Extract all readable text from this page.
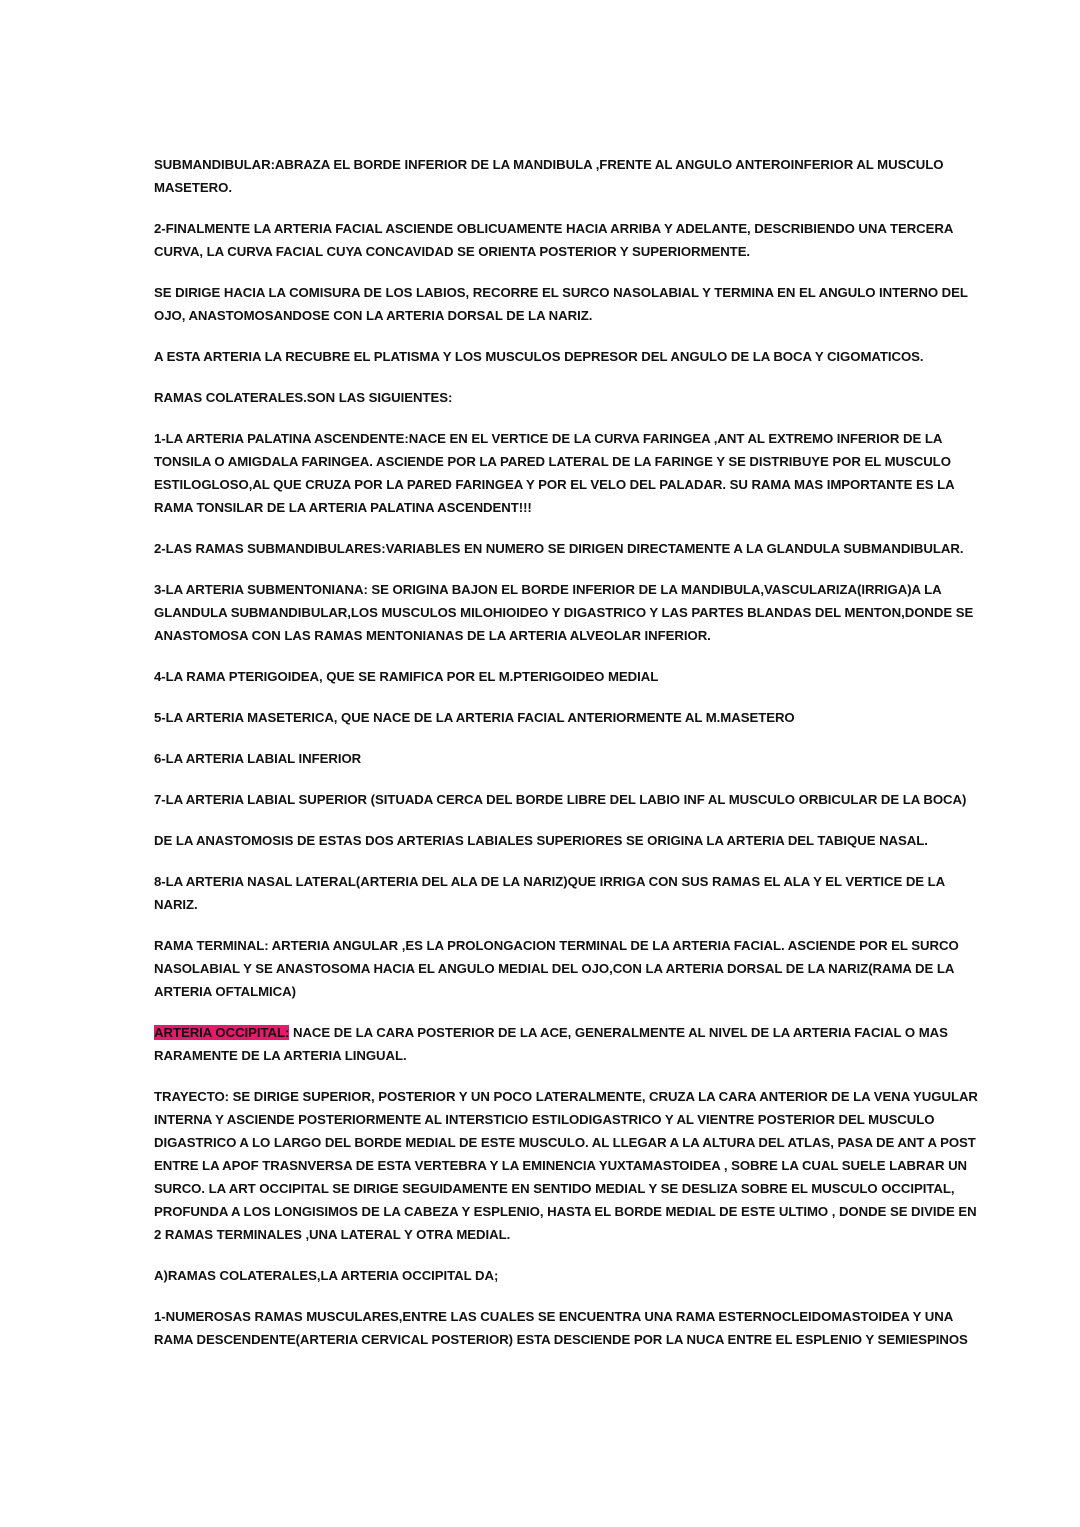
SUBMANDIBULAR:ABRAZA EL BORDE INFERIOR DE LA MANDIBULA ,FRENTE AL ANGULO ANTEROINFERIOR AL MUSCULO MASETERO.

2-FINALMENTE LA ARTERIA FACIAL ASCIENDE OBLICUAMENTE HACIA ARRIBA Y ADELANTE, DESCRIBIENDO UNA TERCERA CURVA, LA CURVA FACIAL CUYA CONCAVIDAD SE ORIENTA POSTERIOR Y SUPERIORMENTE.

SE DIRIGE HACIA LA COMISURA DE LOS LABIOS, RECORRE EL SURCO NASOLABIAL Y TERMINA EN EL ANGULO INTERNO DEL OJO, ANASTOMOSANDOSE CON LA ARTERIA DORSAL DE LA NARIZ.

A ESTA ARTERIA LA RECUBRE EL PLATISMA Y LOS MUSCULOS DEPRESOR DEL ANGULO DE LA BOCA Y CIGOMATICOS.

RAMAS COLATERALES.SON LAS SIGUIENTES:

1-LA ARTERIA PALATINA ASCENDENTE:NACE EN EL VERTICE DE LA CURVA FARINGEA ,ANT AL EXTREMO INFERIOR DE LA TONSILA O AMIGDALA FARINGEA. ASCIENDE POR LA PARED LATERAL DE LA FARINGE Y SE DISTRIBUYE POR EL MUSCULO ESTILOGLOSO,AL QUE CRUZA POR LA PARED FARINGEA Y POR EL VELO DEL PALADAR. SU RAMA MAS IMPORTANTE ES LA RAMA TONSILAR DE LA ARTERIA PALATINA ASCENDENT!!!

2-LAS RAMAS SUBMANDIBULARES:VARIABLES EN NUMERO SE DIRIGEN DIRECTAMENTE A LA GLANDULA SUBMANDIBULAR.

3-LA ARTERIA SUBMENTONIANA: SE ORIGINA BAJON EL BORDE INFERIOR DE LA MANDIBULA,VASCULARIZA(IRRIGA)A LA GLANDULA SUBMANDIBULAR,LOS MUSCULOS MILOHIOIDEO Y DIGASTRICO Y LAS PARTES BLANDAS DEL MENTON,DONDE SE ANASTOMOSA CON LAS RAMAS MENTONIANAS DE LA ARTERIA ALVEOLAR INFERIOR.

4-LA RAMA PTERIGOIDEA, QUE SE RAMIFICA POR EL M.PTERIGOIDEO MEDIAL

5-LA ARTERIA MASETERICA, QUE NACE DE LA ARTERIA FACIAL ANTERIORMENTE AL M.MASETERO

6-LA ARTERIA LABIAL INFERIOR

7-LA ARTERIA LABIAL SUPERIOR (SITUADA CERCA DEL BORDE LIBRE DEL LABIO INF AL MUSCULO ORBICULAR DE LA BOCA)

DE LA ANASTOMOSIS DE ESTAS DOS ARTERIAS LABIALES SUPERIORES SE ORIGINA LA ARTERIA DEL TABIQUE NASAL.

8-LA ARTERIA NASAL LATERAL(ARTERIA DEL ALA DE LA NARIZ)QUE IRRIGA CON SUS RAMAS EL ALA Y EL VERTICE DE LA NARIZ.

RAMA TERMINAL: ARTERIA ANGULAR ,ES LA PROLONGACION TERMINAL DE LA ARTERIA FACIAL. ASCIENDE POR EL SURCO NASOLABIAL Y SE ANASTOSOMA HACIA EL ANGULO MEDIAL DEL OJO,CON LA ARTERIA DORSAL DE LA NARIZ(RAMA DE LA ARTERIA OFTALMICA)

ARTERIA OCCIPITAL: NACE DE LA CARA POSTERIOR DE LA ACE, GENERALMENTE AL NIVEL DE LA ARTERIA FACIAL O MAS RARAMENTE DE LA ARTERIA LINGUAL.

TRAYECTO: SE DIRIGE SUPERIOR, POSTERIOR Y UN POCO LATERALMENTE, CRUZA LA CARA ANTERIOR DE LA VENA YUGULAR INTERNA Y ASCIENDE POSTERIORMENTE AL INTERSTICIO ESTILODIGASTRICO Y AL VIENTRE POSTERIOR DEL MUSCULO DIGASTRICO A LO LARGO DEL BORDE MEDIAL DE ESTE MUSCULO. AL LLEGAR A LA ALTURA DEL ATLAS, PASA DE ANT A POST ENTRE LA APOF TRASNVERSA DE ESTA VERTEBRA Y LA EMINENCIA YUXTAMASTOIDEA , SOBRE LA CUAL SUELE LABRAR UN SURCO. LA ART OCCIPITAL SE DIRIGE SEGUIDAMENTE EN SENTIDO MEDIAL Y SE DESLIZA SOBRE EL MUSCULO OCCIPITAL, PROFUNDA A LOS LONGISIMOS DE LA CABEZA Y ESPLENIO, HASTA EL BORDE MEDIAL DE ESTE ULTIMO , DONDE SE DIVIDE EN 2 RAMAS TERMINALES ,UNA LATERAL Y OTRA MEDIAL.

A)RAMAS COLATERALES,LA ARTERIA OCCIPITAL DA;

1-NUMEROSAS RAMAS MUSCULARES,ENTRE LAS CUALES SE ENCUENTRA UNA RAMA ESTERNOCLEIDOMASTOIDEA Y UNA RAMA DESCENDENTE(ARTERIA CERVICAL POSTERIOR) ESTA DESCIENDE POR LA NUCA ENTRE EL ESPLENIO Y SEMIESPINOS
